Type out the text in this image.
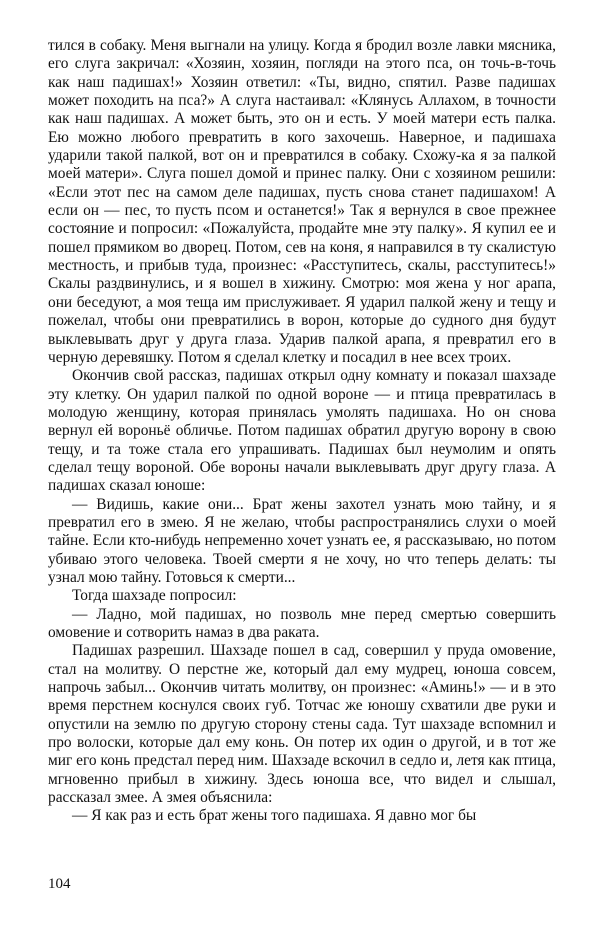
тился в собаку. Меня выгнали на улицу. Когда я бродил возле лавки мясника, его слуга закричал: «Хозяин, хозяин, погляди на этого пса, он точь-в-точь как наш падишах!» Хозяин ответил: «Ты, видно, спятил. Разве падишах может походить на пса?» А слуга настаивал: «Клянусь Аллахом, в точности как наш падишах. А может быть, это он и есть. У моей матери есть палка. Ею можно любого превратить в кого захочешь. Наверное, и падишаха ударили такой палкой, вот он и превратился в собаку. Схожу-ка я за палкой моей матери». Слуга пошел домой и принес палку. Они с хозяином решили: «Если этот пес на самом деле падишах, пусть снова станет падишахом! А если он — пес, то пусть псом и останется!» Так я вернулся в свое прежнее состояние и попросил: «Пожалуйста, продайте мне эту палку». Я купил ее и пошел прямиком во дворец. Потом, сев на коня, я направился в ту скалистую местность, и прибыв туда, произнес: «Расступитесь, скалы, расступитесь!» Скалы раздвинулись, и я вошел в хижину. Смотрю: моя жена у ног арапа, они беседуют, а моя теща им прислуживает. Я ударил палкой жену и тещу и пожелал, чтобы они превратились в ворон, которые до судного дня будут выклевывать друг у друга глаза. Ударив палкой арапа, я превратил его в черную деревяшку. Потом я сделал клетку и посадил в нее всех троих.

Окончив свой рассказ, падишах открыл одну комнату и показал шахзаде эту клетку. Он ударил палкой по одной вороне — и птица превратилась в молодую женщину, которая принялась умолять падишаха. Но он снова вернул ей вороньё обличье. Потом падишах обратил другую ворону в свою тещу, и та тоже стала его упрашивать. Падишах был неумолим и опять сделал тещу вороной. Обе вороны начали выклевывать друг другу глаза. А падишах сказал юноше:

— Видишь, какие они... Брат жены захотел узнать мою тайну, и я превратил его в змею. Я не желаю, чтобы распространялись слухи о моей тайне. Если кто-нибудь непременно хочет узнать ее, я рассказываю, но потом убиваю этого человека. Твоей смерти я не хочу, но что теперь делать: ты узнал мою тайну. Готовься к смерти...

Тогда шахзаде попросил:

— Ладно, мой падишах, но позволь мне перед смертью совершить омовение и сотворить намаз в два раката.

Падишах разрешил. Шахзаде пошел в сад, совершил у пруда омовение, стал на молитву. О перстне же, который дал ему мудрец, юноша совсем, напрочь забыл... Окончив читать молитву, он произнес: «Аминь!» — и в это время перстнем коснулся своих губ. Тотчас же юношу схватили две руки и опустили на землю по другую сторону стены сада. Тут шахзаде вспомнил и про волоски, которые дал ему конь. Он потер их один о другой, и в тот же миг его конь предстал перед ним. Шахзаде вскочил в седло и, летя как птица, мгновенно прибыл в хижину. Здесь юноша все, что видел и слышал, рассказал змее. А змея объяснила:

— Я как раз и есть брат жены того падишаха. Я давно мог бы

104
